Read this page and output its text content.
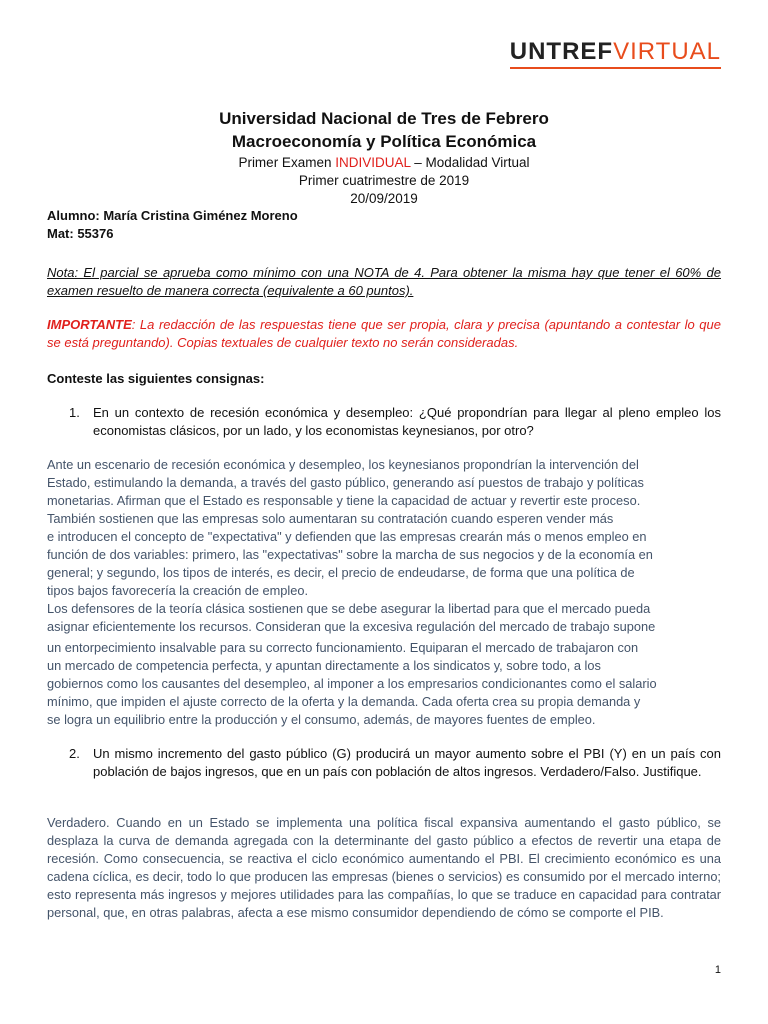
UNTREFVIRTUAL
Universidad Nacional de Tres de Febrero
Macroeconomía y Política Económica
Primer Examen INDIVIDUAL – Modalidad Virtual
Primer cuatrimestre de 2019
20/09/2019
Alumno: María Cristina Giménez Moreno
Mat: 55376
Nota: El parcial se aprueba como mínimo con una NOTA de 4. Para obtener la misma hay que tener el 60% de examen resuelto de manera correcta (equivalente a 60 puntos).
IMPORTANTE: La redacción de las respuestas tiene que ser propia, clara y precisa (apuntando a contestar lo que se está preguntando). Copias textuales de cualquier texto no serán consideradas.
Conteste las siguientes consignas:
1.	En un contexto de recesión económica y desempleo: ¿Qué propondrían para llegar al pleno empleo los economistas clásicos, por un lado, y los economistas keynesianos, por otro?

Ante un escenario de recesión económica y desempleo, los keynesianos propondrían la intervención del

Estado, estimulando la demanda, a través del gasto público, generando así puestos de trabajo y políticas

monetarias. Afirman que el Estado es responsable y tiene la capacidad de actuar y revertir este proceso.

También sostienen que las empresas solo aumentaran su contratación cuando esperen vender más

e introducen el concepto de "expectativa" y defienden que las empresas crearán más o menos empleo en

función de dos variables: primero, las "expectativas" sobre la marcha de sus negocios y de la economía en

general; y segundo, los tipos de interés, es decir, el precio de endeudarse, de forma que una política de

tipos bajos favorecería la creación de empleo.

Los defensores de la teoría clásica sostienen que se debe asegurar la libertad para que el mercado pueda

asignar eficientemente los recursos. Consideran que la excesiva regulación del mercado de trabajo supone

un entorpecimiento insalvable para su correcto funcionamiento. Equiparan el mercado de trabajaron con

un mercado de competencia perfecta, y apuntan directamente a los sindicatos y, sobre todo, a los

gobiernos como los causantes del desempleo, al imponer a los empresarios condicionantes como el salario

mínimo, que impiden el ajuste correcto de la oferta y la demanda. Cada oferta crea su propia demanda y

se logra un equilibrio entre la producción y el consumo, además, de mayores fuentes de empleo.

2.	Un mismo incremento del gasto público (G) producirá un mayor aumento sobre el PBI (Y) en un país con población de bajos ingresos, que en un país con población de altos ingresos. Verdadero/Falso. Justifique.
Verdadero. Cuando en un Estado se implementa una política fiscal expansiva aumentando el gasto público, se desplaza la curva de demanda agregada con la determinante del gasto público a efectos de revertir una etapa de recesión. Como consecuencia, se reactiva el ciclo económico aumentando el PBI. El crecimiento económico es una cadena cíclica, es decir, todo lo que producen las empresas (bienes o servicios) es consumido por el mercado interno; esto representa más ingresos y mejores utilidades para las compañías, lo que se traduce en capacidad para contratar personal, que, en otras palabras, afecta a ese mismo consumidor dependiendo de cómo se comporte el PIB.
1
